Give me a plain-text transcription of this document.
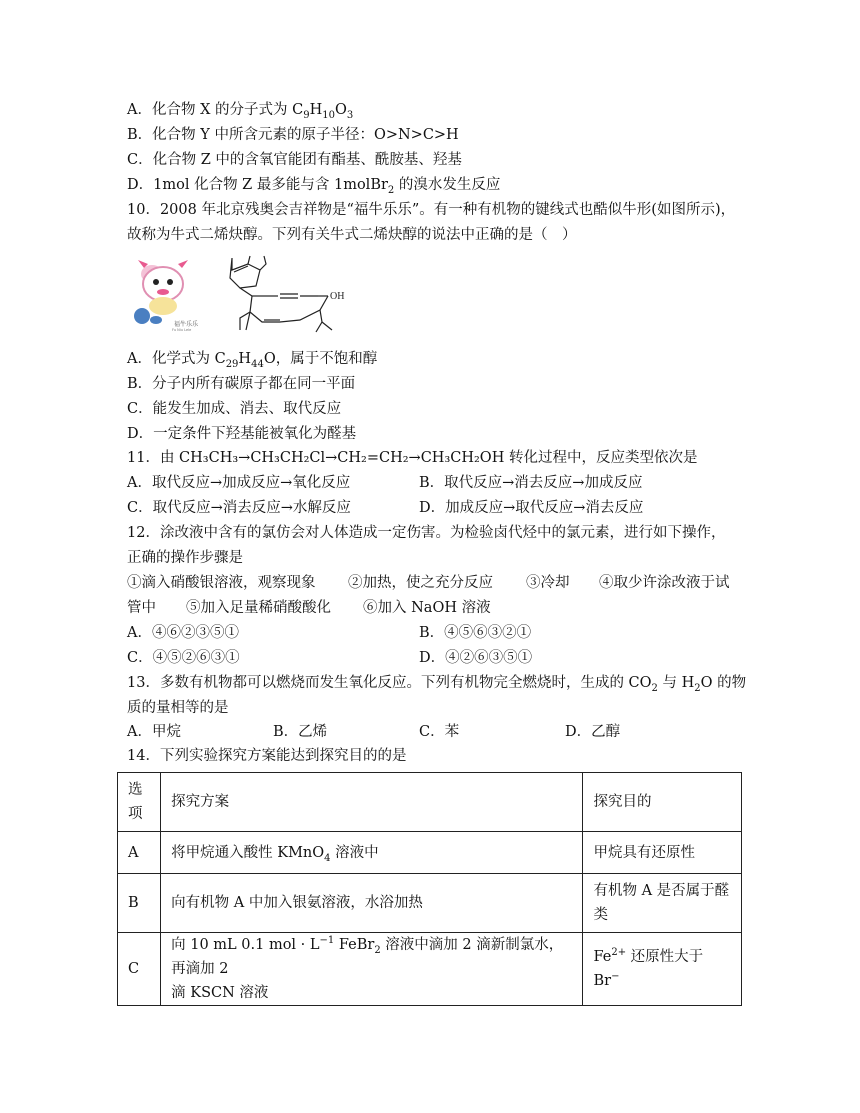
A．化合物 X 的分子式为 $C_9H_{10}O_3$
B．化合物 Y 中所含元素的原子半径：O>N>C>H
C．化合物 Z 中的含氧官能团有酯基、酰胺基、羟基
D．1mol 化合物 Z 最多能与含 1molBr$_2$ 的溴水发生反应
10．2008 年北京残奥会吉祥物是“福牛乐乐”。有一种有机物的键线式也酷似牛形(如图所示)，
故称为牛式二烯炔醇。下列有关牛式二烯炔醇的说法中正确的是（　）
福牛乐乐
Fu Niu Lele
OH
A．化学式为 $C_{29}H_{44}O$，属于不饱和醇
B．分子内所有碳原子都在同一平面
C．能发生加成、消去、取代反应
D．一定条件下羟基能被氧化为醛基
11．由 CH₃CH₃→CH₃CH₂Cl→CH₂=CH₂→CH₃CH₂OH 转化过程中，反应类型依次是
A．取代反应→加成反应→氧化反应	B．取代反应→消去反应→加成反应
C．取代反应→消去反应→水解反应	D．加成反应→取代反应→消去反应
12．涂改液中含有的氯仿会对人体造成一定伤害。为检验卤代烃中的氯元素，进行如下操作，
正确的操作步骤是
①滴入硝酸银溶液，观察现象 ②加热，使之充分反应 ③冷却 ④取少许涂改液于试
管中 ⑤加入足量稀硝酸酸化 ⑥加入 NaOH 溶液
A．④⑥②③⑤①	B．④⑤⑥③②①
C．④⑤②⑥③①	D．④②⑥③⑤①
13．多数有机物都可以燃烧而发生氧化反应。下列有机物完全燃烧时，生成的 $CO_2$ 与 $H_2O$ 的物
质的量相等的是
A．甲烷	B．乙烯	C．苯	D．乙醇
14．下列实验探究方案能达到探究目的的是
选项	探究方案	探究目的
A	将甲烷通入酸性 KMnO$_4$ 溶液中	甲烷具有还原性
B	向有机物 A 中加入银氨溶液，水浴加热	有机物 A 是否属于醛
类
C	向 10 mL 0.1 mol · $L^{-1}$ FeBr$_2$ 溶液中滴加 2 滴新制氯水，再滴加 2
滴 KSCN 溶液	$Fe^{2+}$ 还原性大于 Br−
